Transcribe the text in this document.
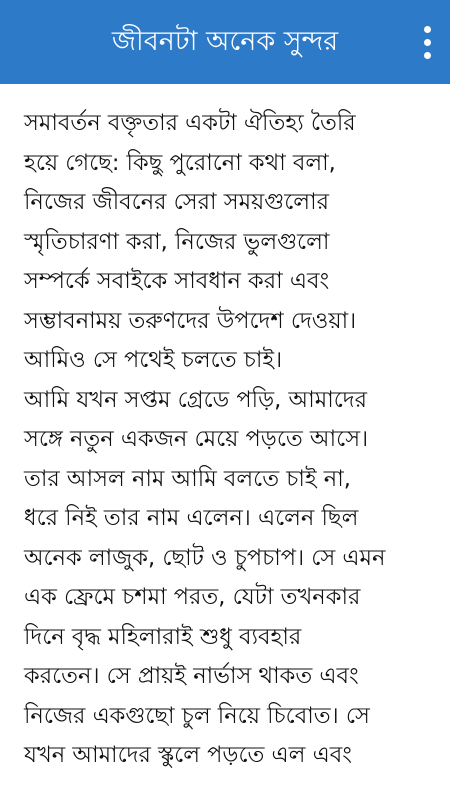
জীবনটা অনেক সুন্দর
সমাবর্তন বক্তৃতার একটা ঐতিহ্য তৈরি
হয়ে গেছে: কিছু পুরোনো কথা বলা,
নিজের জীবনের সেরা সময়গুলোর
স্মৃতিচারণা করা, নিজের ভুলগুলো
সম্পর্কে সবাইকে সাবধান করা এবং
সম্ভাবনাময় তরুণদের উপদেশ দেওয়া।
আমিও সে পথেই চলতে চাই।
আমি যখন সপ্তম গ্রেডে পড়ি, আমাদের
সঙ্গে নতুন একজন মেয়ে পড়তে আসে।
তার আসল নাম আমি বলতে চাই না,
ধরে নিই তার নাম এলেন। এলেন ছিল
অনেক লাজুক, ছোট ও চুপচাপ। সে এমন
এক ফ্রেমে চশমা পরত, যেটা তখনকার
দিনে বৃদ্ধ মহিলারাই শুধু ব্যবহার
করতেন। সে প্রায়ই নার্ভাস থাকত এবং
নিজের একগুছো চুল নিয়ে চিবোত। সে
যখন আমাদের স্কুলে পড়তে এল এবং
